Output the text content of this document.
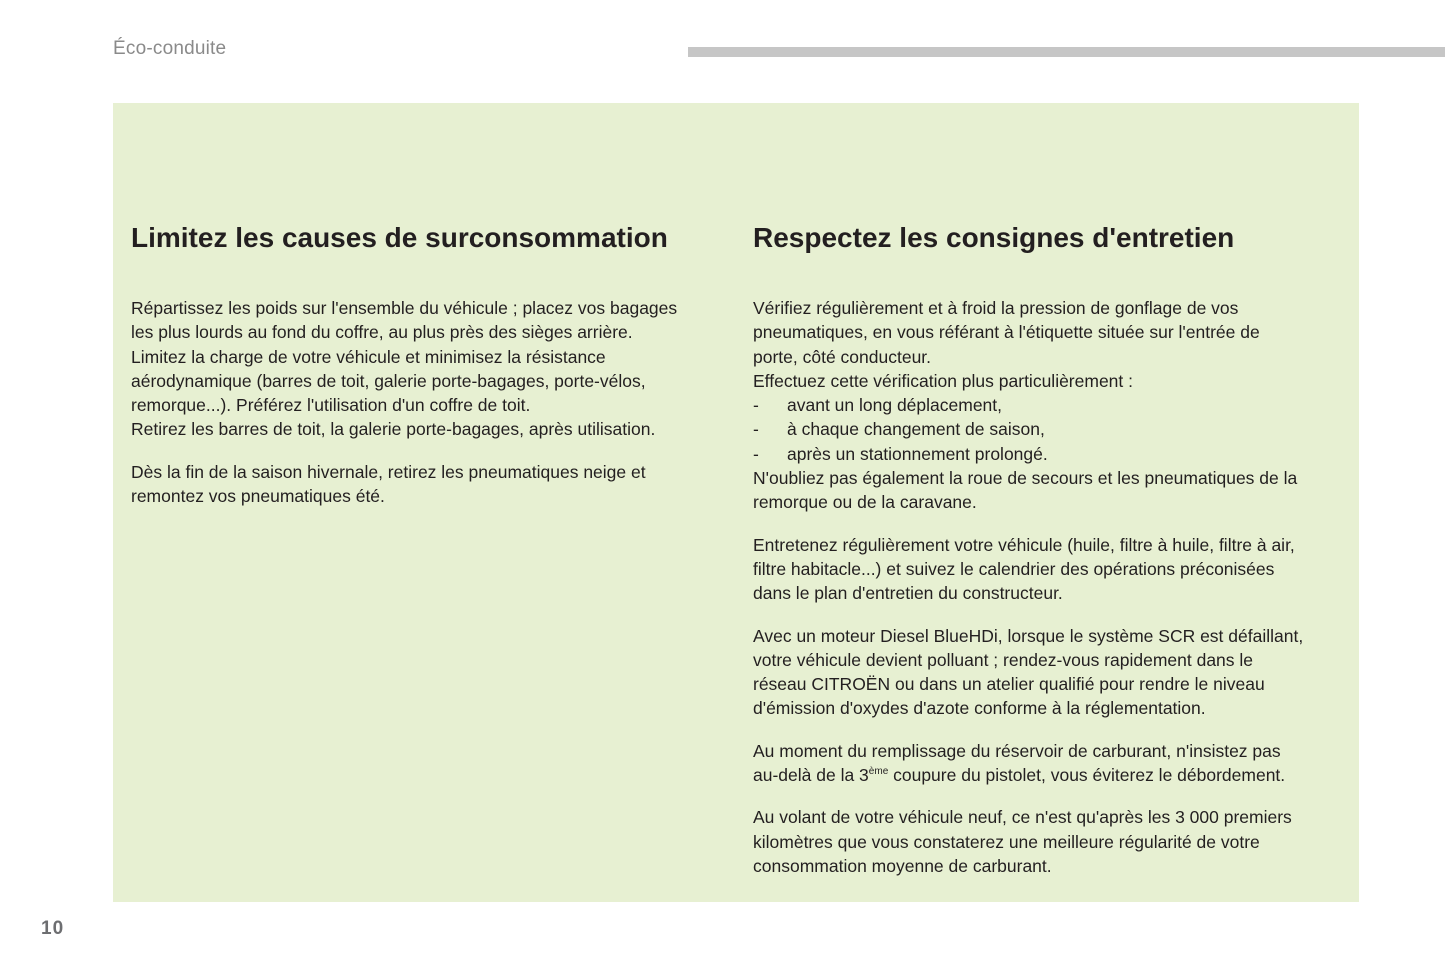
Éco-conduite
Limitez les causes de surconsommation

Répartissez les poids sur l'ensemble du véhicule ; placez vos bagages
les plus lourds au fond du coffre, au plus près des sièges arrière.
Limitez la charge de votre véhicule et minimisez la résistance
aérodynamique (barres de toit, galerie porte-bagages, porte-vélos,
remorque...). Préférez l'utilisation d'un coffre de toit.
Retirez les barres de toit, la galerie porte-bagages, après utilisation.

Dès la fin de la saison hivernale, retirez les pneumatiques neige et
remontez vos pneumatiques été.

Respectez les consignes d'entretien

Vérifiez régulièrement et à froid la pression de gonflage de vos
pneumatiques, en vous référant à l'étiquette située sur l'entrée de
porte, côté conducteur.
Effectuez cette vérification plus particulièrement :

- avant un long déplacement,
- à chaque changement de saison,
- après un stationnement prolongé.

N'oubliez pas également la roue de secours et les pneumatiques de la
remorque ou de la caravane.

Entretenez régulièrement votre véhicule (huile, filtre à huile, filtre à air,
filtre habitacle...) et suivez le calendrier des opérations préconisées
dans le plan d'entretien du constructeur.

Avec un moteur Diesel BlueHDi, lorsque le système SCR est défaillant,
votre véhicule devient polluant ; rendez-vous rapidement dans le
réseau CITROËN ou dans un atelier qualifié pour rendre le niveau
d'émission d'oxydes d'azote conforme à la réglementation.

Au moment du remplissage du réservoir de carburant, n'insistez pas
au-delà de la 3ème coupure du pistolet, vous éviterez le débordement.

Au volant de votre véhicule neuf, ce n'est qu'après les 3 000 premiers
kilomètres que vous constaterez une meilleure régularité de votre
consommation moyenne de carburant.

10
